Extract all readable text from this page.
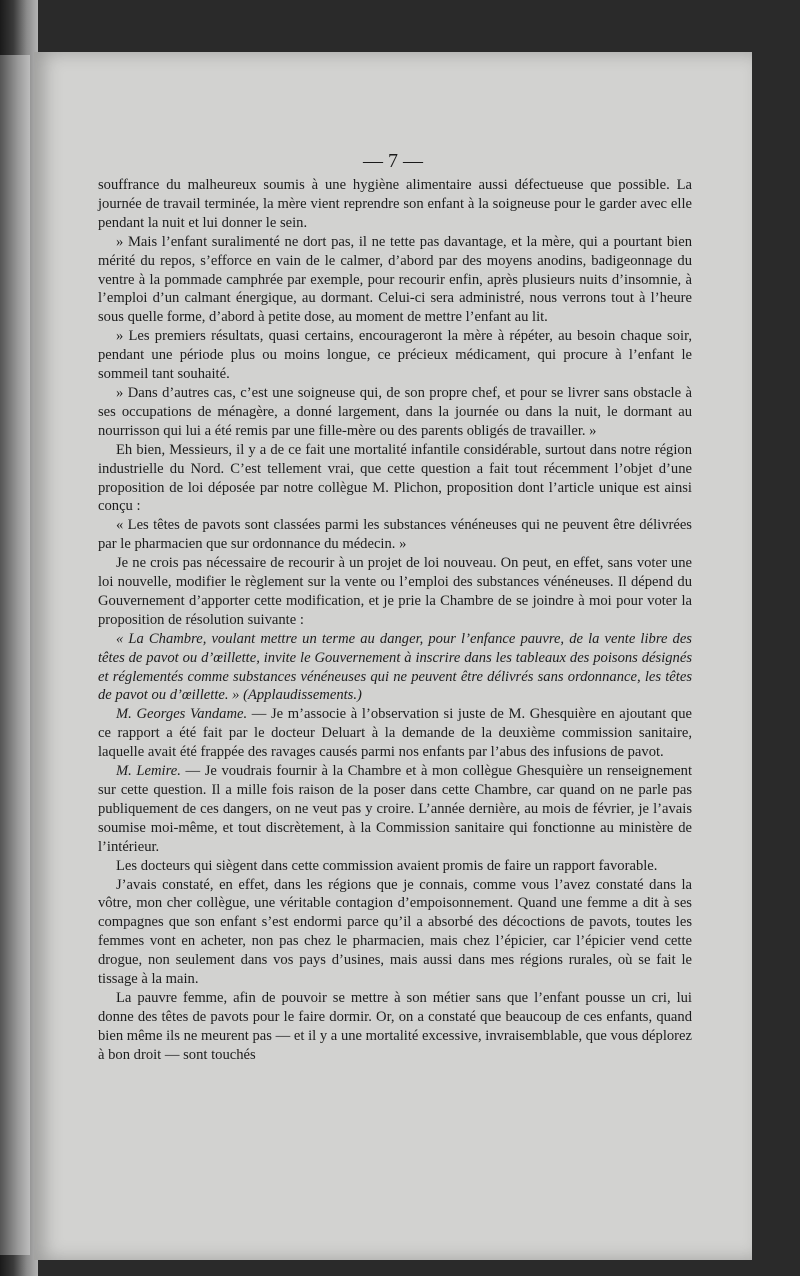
— 7 —

souffrance du malheureux soumis à une hygiène alimentaire aussi défectueuse que possible. La journée de travail terminée, la mère vient reprendre son enfant à la soigneuse pour le garder avec elle pendant la nuit et lui donner le sein.

» Mais l’enfant suralimenté ne dort pas, il ne tette pas davantage, et la mère, qui a pourtant bien mérité du repos, s’efforce en vain de le calmer, d’abord par des moyens anodins, badigeonnage du ventre à la pommade camphrée par exemple, pour recourir enfin, après plusieurs nuits d’insomnie, à l’emploi d’un calmant énergique, au dormant. Celui-ci sera administré, nous verrons tout à l’heure sous quelle forme, d’abord à petite dose, au moment de mettre l’enfant au lit.

» Les premiers résultats, quasi certains, encourageront la mère à répéter, au besoin chaque soir, pendant une période plus ou moins longue, ce précieux médicament, qui procure à l’enfant le sommeil tant souhaité.

» Dans d’autres cas, c’est une soigneuse qui, de son propre chef, et pour se livrer sans obstacle à ses occupations de ménagère, a donné largement, dans la journée ou dans la nuit, le dormant au nourrisson qui lui a été remis par une fille-mère ou des parents obligés de travailler. »

Eh bien, Messieurs, il y a de ce fait une mortalité infantile considérable, surtout dans notre région industrielle du Nord. C’est tellement vrai, que cette question a fait tout récemment l’objet d’une proposition de loi déposée par notre collègue M. Plichon, proposition dont l’article unique est ainsi conçu :

« Les têtes de pavots sont classées parmi les substances vénéneuses qui ne peuvent être délivrées par le pharmacien que sur ordonnance du médecin. »

Je ne crois pas nécessaire de recourir à un projet de loi nouveau. On peut, en effet, sans voter une loi nouvelle, modifier le règlement sur la vente ou l’emploi des substances vénéneuses. Il dépend du Gouvernement d’apporter cette modification, et je prie la Chambre de se joindre à moi pour voter la proposition de résolution suivante :

« La Chambre, voulant mettre un terme au danger, pour l’enfance pauvre, de la vente libre des têtes de pavot ou d’œillette, invite le Gouvernement à inscrire dans les tableaux des poisons désignés et réglementés comme substances vénéneuses qui ne peuvent être délivrés sans ordonnance, les têtes de pavot ou d’œillette. » (Applaudissements.)

M. Georges Vandame. — Je m’associe à l’observation si juste de M. Ghesquière en ajoutant que ce rapport a été fait par le docteur Deluart à la demande de la deuxième commission sanitaire, laquelle avait été frappée des ravages causés parmi nos enfants par l’abus des infusions de pavot.

M. Lemire. — Je voudrais fournir à la Chambre et à mon collègue Ghesquière un renseignement sur cette question. Il a mille fois raison de la poser dans cette Chambre, car quand on ne parle pas publiquement de ces dangers, on ne veut pas y croire. L’année dernière, au mois de février, je l’avais soumise moi-même, et tout discrètement, à la Commission sanitaire qui fonctionne au ministère de l’intérieur.

Les docteurs qui siègent dans cette commission avaient promis de faire un rapport favorable.

J’avais constaté, en effet, dans les régions que je connais, comme vous l’avez constaté dans la vôtre, mon cher collègue, une véritable contagion d’empoisonnement. Quand une femme a dit à ses compagnes que son enfant s’est endormi parce qu’il a absorbé des décoctions de pavots, toutes les femmes vont en acheter, non pas chez le pharmacien, mais chez l’épicier, car l’épicier vend cette drogue, non seulement dans vos pays d’usines, mais aussi dans mes régions rurales, où se fait le tissage à la main.

La pauvre femme, afin de pouvoir se mettre à son métier sans que l’enfant pousse un cri, lui donne des têtes de pavots pour le faire dormir. Or, on a constaté que beaucoup de ces enfants, quand bien même ils ne meurent pas — et il y a une mortalité excessive, invraisemblable, que vous déplorez à bon droit — sont touchés
